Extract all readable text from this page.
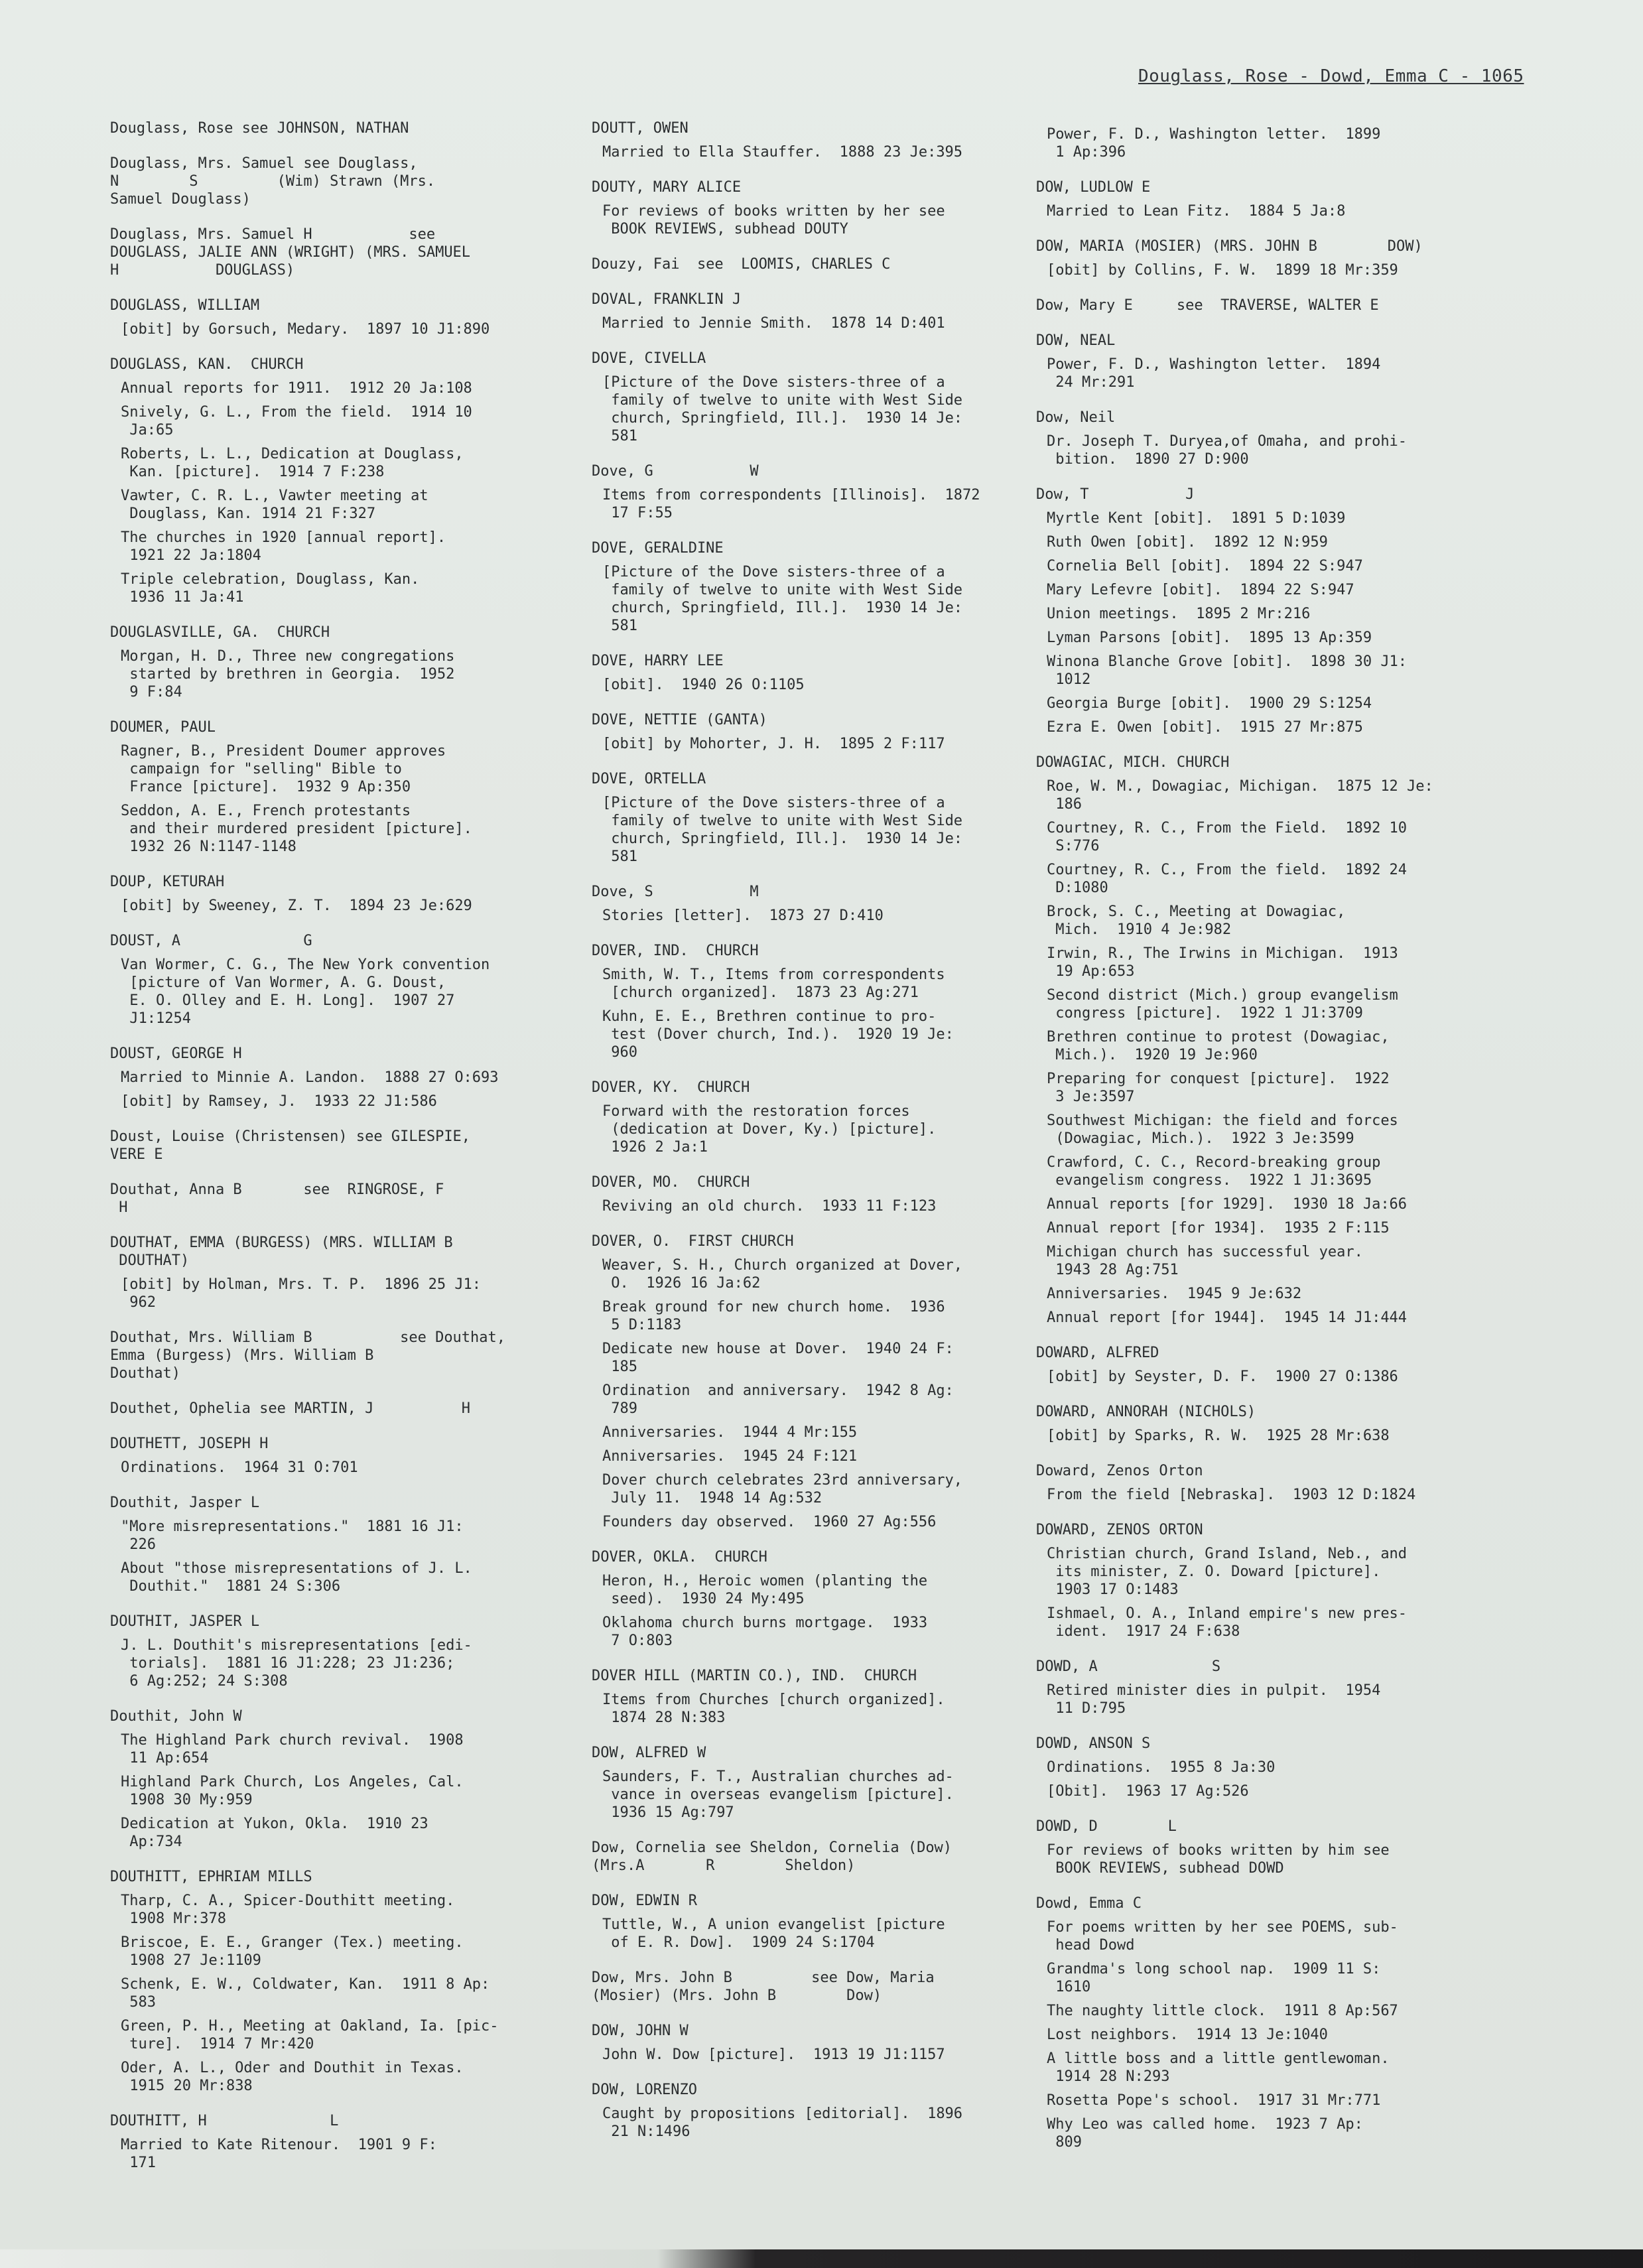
Douglass, Rose - Dowd, Emma C - 1065
Douglass, Rose see JOHNSON, NATHAN
Douglass, Mrs. Samuel see Douglass,
N        S         (Wim) Strawn (Mrs.
Samuel Douglass)
Douglass, Mrs. Samuel H           see
DOUGLASS, JALIE ANN (WRIGHT) (MRS. SAMUEL
H           DOUGLASS)
DOUGLASS, WILLIAM
[obit] by Gorsuch, Medary.  1897 10 J1:890
DOUGLASS, KAN.  CHURCH
Annual reports for 1911.  1912 20 Ja:108
Snively, G. L., From the field.  1914 10
Ja:65
Roberts, L. L., Dedication at Douglass,
Kan. [picture].  1914 7 F:238
Vawter, C. R. L., Vawter meeting at
Douglass, Kan. 1914 21 F:327
The churches in 1920 [annual report].
1921 22 Ja:1804
Triple celebration, Douglass, Kan.
1936 11 Ja:41
DOUGLASVILLE, GA.  CHURCH
Morgan, H. D., Three new congregations
started by brethren in Georgia.  1952
9 F:84
DOUMER, PAUL
Ragner, B., President Doumer approves
campaign for "selling" Bible to
France [picture].  1932 9 Ap:350
Seddon, A. E., French protestants
and their murdered president [picture].
1932 26 N:1147-1148
DOUP, KETURAH
[obit] by Sweeney, Z. T.  1894 23 Je:629
DOUST, A              G
Van Wormer, C. G., The New York convention
[picture of Van Wormer, A. G. Doust,
E. O. Olley and E. H. Long].  1907 27
J1:1254
DOUST, GEORGE H
Married to Minnie A. Landon.  1888 27 O:693
[obit] by Ramsey, J.  1933 22 J1:586
Doust, Louise (Christensen) see GILESPIE,
VERE E
Douthat, Anna B       see  RINGROSE, F
H
DOUTHAT, EMMA (BURGESS) (MRS. WILLIAM B
DOUTHAT)
[obit] by Holman, Mrs. T. P.  1896 25 J1:
962
Douthat, Mrs. William B          see Douthat,
Emma (Burgess) (Mrs. William B
Douthat)
Douthet, Ophelia see MARTIN, J          H
DOUTHETT, JOSEPH H
Ordinations.  1964 31 O:701
Douthit, Jasper L
"More misrepresentations."  1881 16 J1:
226
About "those misrepresentations of J. L.
Douthit."  1881 24 S:306
DOUTHIT, JASPER L
J. L. Douthit's misrepresentations [edi-
torials].  1881 16 J1:228; 23 J1:236;
6 Ag:252; 24 S:308
Douthit, John W
The Highland Park church revival.  1908
11 Ap:654
Highland Park Church, Los Angeles, Cal.
1908 30 My:959
Dedication at Yukon, Okla.  1910 23
Ap:734
DOUTHITT, EPHRIAM MILLS
Tharp, C. A., Spicer-Douthitt meeting.
1908 Mr:378
Briscoe, E. E., Granger (Tex.) meeting.
1908 27 Je:1109
Schenk, E. W., Coldwater, Kan.  1911 8 Ap:
583
Green, P. H., Meeting at Oakland, Ia. [pic-
ture].  1914 7 Mr:420
Oder, A. L., Oder and Douthit in Texas.
1915 20 Mr:838
DOUTHITT, H              L
Married to Kate Ritenour.  1901 9 F:
171
DOUTT, OWEN
Married to Ella Stauffer.  1888 23 Je:395
DOUTY, MARY ALICE
For reviews of books written by her see
BOOK REVIEWS, subhead DOUTY
Douzy, Fai  see  LOOMIS, CHARLES C
DOVAL, FRANKLIN J
Married to Jennie Smith.  1878 14 D:401
DOVE, CIVELLA
[Picture of the Dove sisters-three of a
family of twelve to unite with West Side
church, Springfield, Ill.].  1930 14 Je:
581
Dove, G           W
Items from correspondents [Illinois].  1872
17 F:55
DOVE, GERALDINE
[Picture of the Dove sisters-three of a
family of twelve to unite with West Side
church, Springfield, Ill.].  1930 14 Je:
581
DOVE, HARRY LEE
[obit].  1940 26 O:1105
DOVE, NETTIE (GANTA)
[obit] by Mohorter, J. H.  1895 2 F:117
DOVE, ORTELLA
[Picture of the Dove sisters-three of a
family of twelve to unite with West Side
church, Springfield, Ill.].  1930 14 Je:
581
Dove, S           M
Stories [letter].  1873 27 D:410
DOVER, IND.  CHURCH
Smith, W. T., Items from correspondents
[church organized].  1873 23 Ag:271
Kuhn, E. E., Brethren continue to pro-
test (Dover church, Ind.).  1920 19 Je:
960
DOVER, KY.  CHURCH
Forward with the restoration forces
(dedication at Dover, Ky.) [picture].
1926 2 Ja:1
DOVER, MO.  CHURCH
Reviving an old church.  1933 11 F:123
DOVER, O.  FIRST CHURCH
Weaver, S. H., Church organized at Dover,
O.  1926 16 Ja:62
Break ground for new church home.  1936
5 D:1183
Dedicate new house at Dover.  1940 24 F:
185
Ordination  and anniversary.  1942 8 Ag:
789
Anniversaries.  1944 4 Mr:155
Anniversaries.  1945 24 F:121
Dover church celebrates 23rd anniversary,
July 11.  1948 14 Ag:532
Founders day observed.  1960 27 Ag:556
DOVER, OKLA.  CHURCH
Heron, H., Heroic women (planting the
seed).  1930 24 My:495
Oklahoma church burns mortgage.  1933
7 O:803
DOVER HILL (MARTIN CO.), IND.  CHURCH
Items from Churches [church organized].
1874 28 N:383
DOW, ALFRED W
Saunders, F. T., Australian churches ad-
vance in overseas evangelism [picture].
1936 15 Ag:797
Dow, Cornelia see Sheldon, Cornelia (Dow)
(Mrs.A       R        Sheldon)
DOW, EDWIN R
Tuttle, W., A union evangelist [picture
of E. R. Dow].  1909 24 S:1704
Dow, Mrs. John B         see Dow, Maria
(Mosier) (Mrs. John B        Dow)
DOW, JOHN W
John W. Dow [picture].  1913 19 J1:1157
DOW, LORENZO
Caught by propositions [editorial].  1896
21 N:1496
Power, F. D., Washington letter.  1899
1 Ap:396
DOW, LUDLOW E
Married to Lean Fitz.  1884 5 Ja:8
DOW, MARIA (MOSIER) (MRS. JOHN B        DOW)
[obit] by Collins, F. W.  1899 18 Mr:359
Dow, Mary E     see  TRAVERSE, WALTER E
DOW, NEAL
Power, F. D., Washington letter.  1894
24 Mr:291
Dow, Neil
Dr. Joseph T. Duryea,of Omaha, and prohi-
bition.  1890 27 D:900
Dow, T           J
Myrtle Kent [obit].  1891 5 D:1039
Ruth Owen [obit].  1892 12 N:959
Cornelia Bell [obit].  1894 22 S:947
Mary Lefevre [obit].  1894 22 S:947
Union meetings.  1895 2 Mr:216
Lyman Parsons [obit].  1895 13 Ap:359
Winona Blanche Grove [obit].  1898 30 J1:
1012
Georgia Burge [obit].  1900 29 S:1254
Ezra E. Owen [obit].  1915 27 Mr:875
DOWAGIAC, MICH. CHURCH
Roe, W. M., Dowagiac, Michigan.  1875 12 Je:
186
Courtney, R. C., From the Field.  1892 10
S:776
Courtney, R. C., From the field.  1892 24
D:1080
Brock, S. C., Meeting at Dowagiac,
Mich.  1910 4 Je:982
Irwin, R., The Irwins in Michigan.  1913
19 Ap:653
Second district (Mich.) group evangelism
congress [picture].  1922 1 J1:3709
Brethren continue to protest (Dowagiac,
Mich.).  1920 19 Je:960
Preparing for conquest [picture].  1922
3 Je:3597
Southwest Michigan: the field and forces
(Dowagiac, Mich.).  1922 3 Je:3599
Crawford, C. C., Record-breaking group
evangelism congress.  1922 1 J1:3695
Annual reports [for 1929].  1930 18 Ja:66
Annual report [for 1934].  1935 2 F:115
Michigan church has successful year.
1943 28 Ag:751
Anniversaries.  1945 9 Je:632
Annual report [for 1944].  1945 14 J1:444
DOWARD, ALFRED
[obit] by Seyster, D. F.  1900 27 O:1386
DOWARD, ANNORAH (NICHOLS)
[obit] by Sparks, R. W.  1925 28 Mr:638
Doward, Zenos Orton
From the field [Nebraska].  1903 12 D:1824
DOWARD, ZENOS ORTON
Christian church, Grand Island, Neb., and
its minister, Z. O. Doward [picture].
1903 17 O:1483
Ishmael, O. A., Inland empire's new pres-
ident.  1917 24 F:638
DOWD, A             S
Retired minister dies in pulpit.  1954
11 D:795
DOWD, ANSON S
Ordinations.  1955 8 Ja:30
[Obit].  1963 17 Ag:526
DOWD, D        L
For reviews of books written by him see
BOOK REVIEWS, subhead DOWD
Dowd, Emma C
For poems written by her see POEMS, sub-
head Dowd
Grandma's long school nap.  1909 11 S:
1610
The naughty little clock.  1911 8 Ap:567
Lost neighbors.  1914 13 Je:1040
A little boss and a little gentlewoman.
1914 28 N:293
Rosetta Pope's school.  1917 31 Mr:771
Why Leo was called home.  1923 7 Ap:
809
